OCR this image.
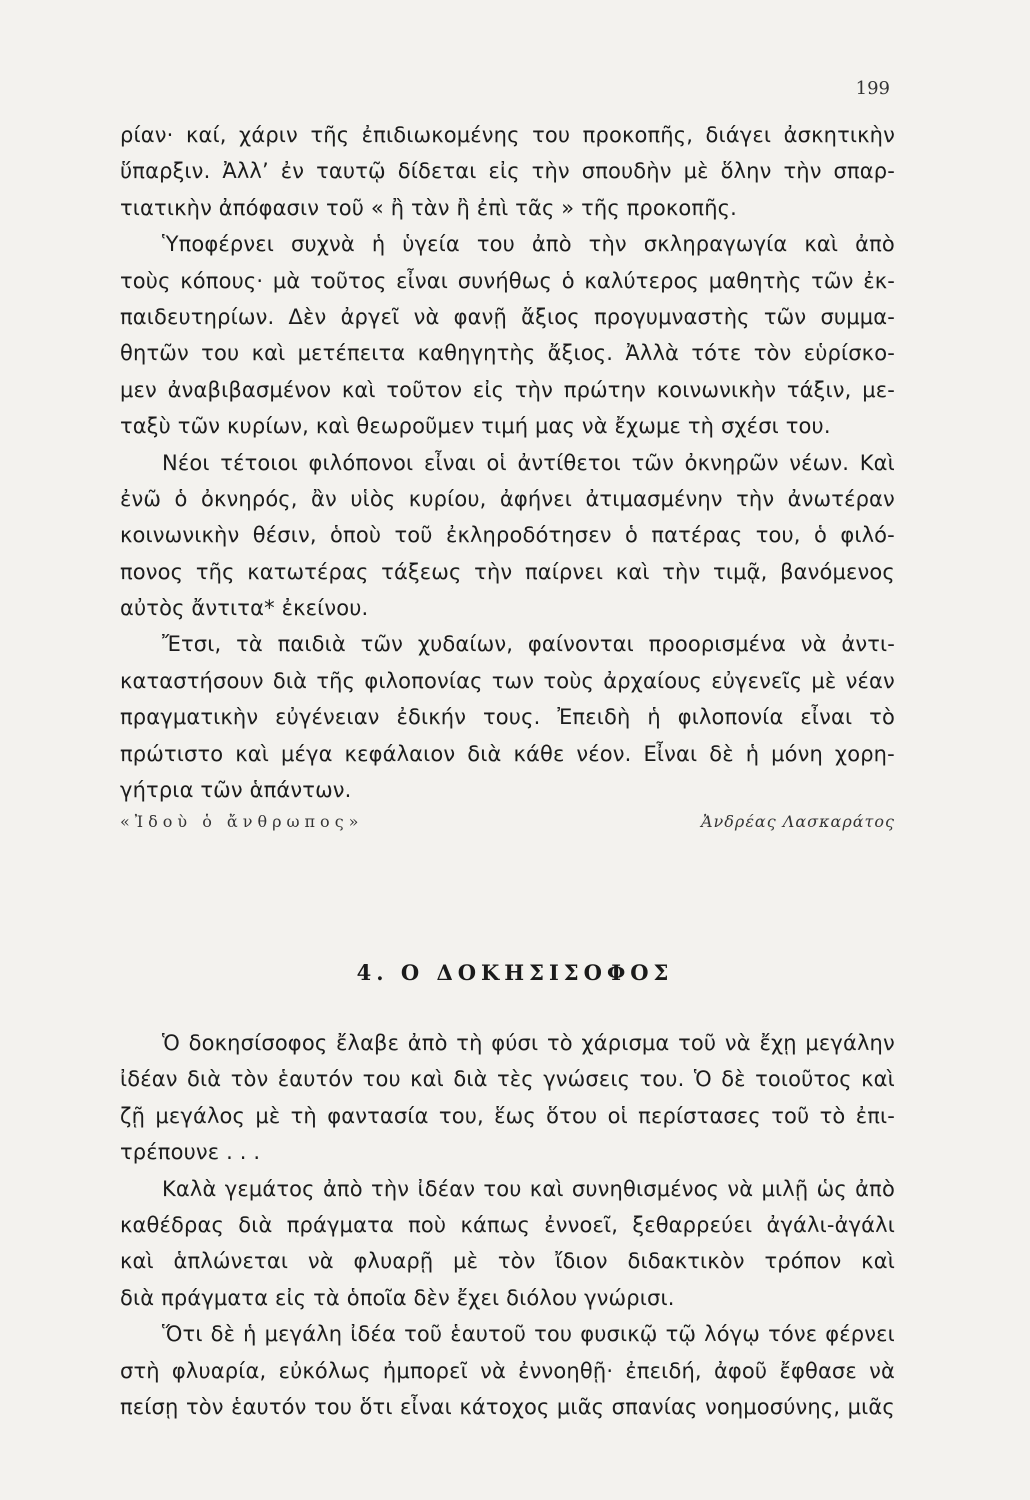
199
ρίαν· καί, χάριν τῆς ἐπιδιωκομένης του προκοπῆς, διάγει ἀσκητικὴν
ὕπαρξιν. Ἀλλ’ ἐν ταυτῷ δίδεται εἰς τὴν σπουδὴν μὲ ὅλην τὴν σπαρ-
τιατικὴν ἀπόφασιν τοῦ « ἢ τὰν ἢ ἐπὶ τᾶς » τῆς προκοπῆς.
Ὑποφέρνει συχνὰ ἡ ὑγεία του ἀπὸ τὴν σκληραγωγία καὶ ἀπὸ
τοὺς κόπους· μὰ τοῦτος εἶναι συνήθως ὁ καλύτερος μαθητὴς τῶν ἐκ-
παιδευτηρίων. Δὲν ἀργεῖ νὰ φανῇ ἄξιος προγυμναστὴς τῶν συμμα-
θητῶν του καὶ μετέπειτα καθηγητὴς ἄξιος. Ἀλλὰ τότε τὸν εὑρίσκο-
μεν ἀναβιβασμένον καὶ τοῦτον εἰς τὴν πρώτην κοινωνικὴν τάξιν, με-
ταξὺ τῶν κυρίων, καὶ θεωροῦμεν τιμή μας νὰ ἔχωμε τὴ σχέσι του.
Νέοι τέτοιοι φιλόπονοι εἶναι οἱ ἀντίθετοι τῶν ὀκνηρῶν νέων. Καὶ
ἐνῶ ὁ ὀκνηρός, ἂν υἱὸς κυρίου, ἀφήνει ἀτιμασμένην τὴν ἀνωτέραν
κοινωνικὴν θέσιν, ὁποὺ τοῦ ἐκληροδότησεν ὁ πατέρας του, ὁ φιλό-
πονος τῆς κατωτέρας τάξεως τὴν παίρνει καὶ τὴν τιμᾷ, βανόμενος
αὐτὸς ἄντιτα* ἐκείνου.
Ἔτσι, τὰ παιδιὰ τῶν χυδαίων, φαίνονται προορισμένα νὰ ἀντι-
καταστήσουν διὰ τῆς φιλοπονίας των τοὺς ἀρχαίους εὐγενεῖς μὲ νέαν
πραγματικὴν εὐγένειαν ἐδικήν τους. Ἐπειδὴ ἡ φιλοπονία εἶναι τὸ
πρώτιστο καὶ μέγα κεφάλαιον διὰ κάθε νέον. Εἶναι δὲ ἡ μόνη χορη-
γήτρια τῶν ἁπάντων.
«Ἰδοὺ ὁ ἄνθρωπος»	Ἀνδρέας Λασκαράτος
4. Ο ΔΟΚΗΣΙΣΟΦΟΣ
Ὁ δοκησίσοφος ἔλαβε ἀπὸ τὴ φύσι τὸ χάρισμα τοῦ νὰ ἔχῃ μεγάλην
ἰδέαν διὰ τὸν ἑαυτόν του καὶ διὰ τὲς γνώσεις του. Ὁ δὲ τοιοῦτος καὶ
ζῇ μεγάλος μὲ τὴ φαντασία του, ἕως ὅτου οἱ περίστασες τοῦ τὸ ἐπι-
τρέπουνε . . .
Καλὰ γεμάτος ἀπὸ τὴν ἰδέαν του καὶ συνηθισμένος νὰ μιλῇ ὡς ἀπὸ
καθέδρας διὰ πράγματα ποὺ κάπως ἐννοεῖ, ξεθαρρεύει ἀγάλι-ἀγάλι
καὶ ἁπλώνεται νὰ φλυαρῇ μὲ τὸν ἴδιον διδακτικὸν τρόπον καὶ
διὰ πράγματα εἰς τὰ ὁποῖα δὲν ἔχει διόλου γνώρισι.
Ὅτι δὲ ἡ μεγάλη ἰδέα τοῦ ἑαυτοῦ του φυσικῷ τῷ λόγῳ τόνε φέρνει
στὴ φλυαρία, εὐκόλως ἠμπορεῖ νὰ ἐννοηθῇ· ἐπειδή, ἀφοῦ ἔφθασε νὰ
πείσῃ τὸν ἑαυτόν του ὅτι εἶναι κάτοχος μιᾶς σπανίας νοημοσύνης, μιᾶς
